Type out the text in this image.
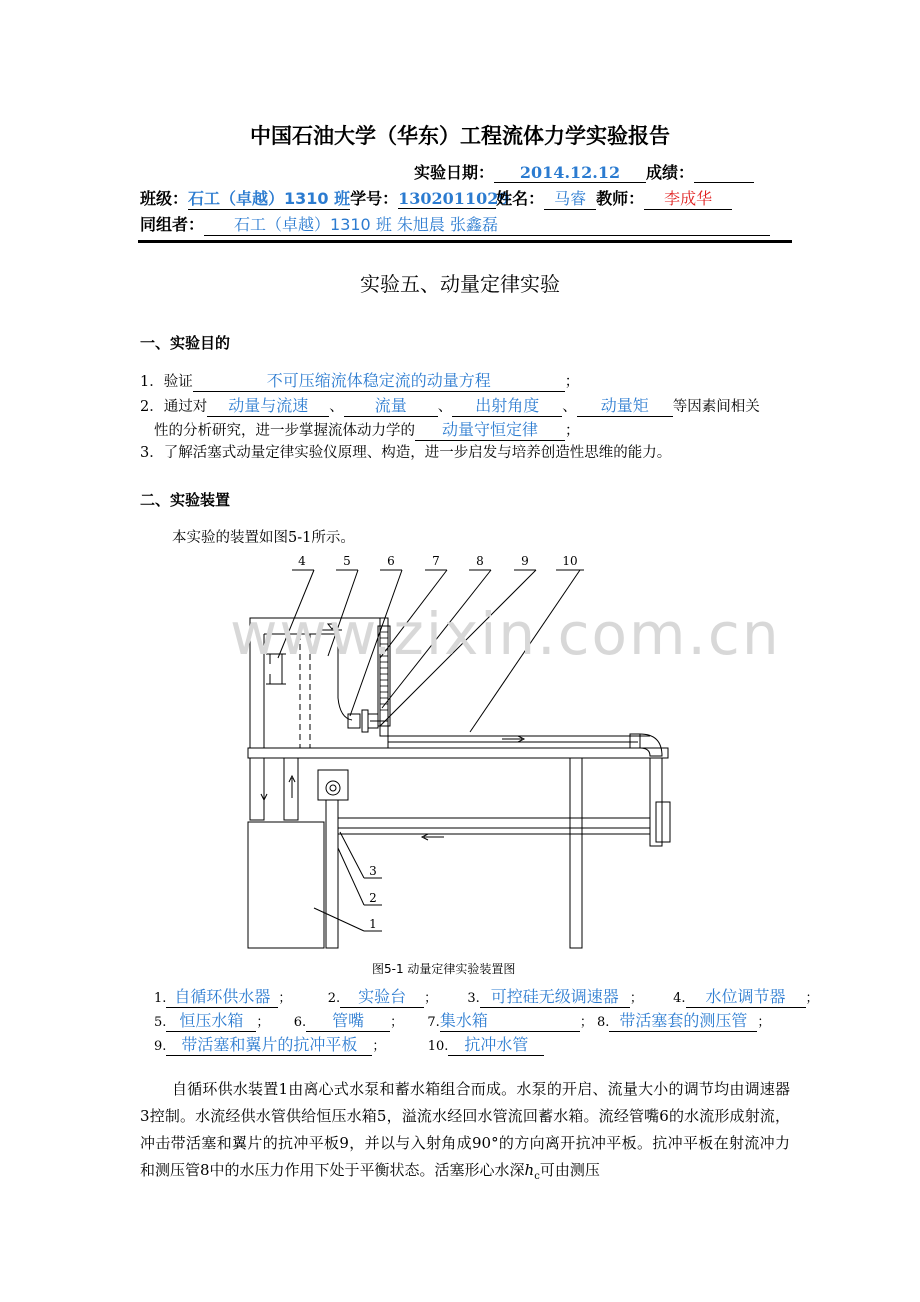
中国石油大学（华东）工程流体力学实验报告
实验日期： 2014.12.12 成绩：
班级：石工（卓越）1310 班学号：1302011029姓名： 马睿 教师： 李成华
同组者： 石工（卓越）1310 班 朱旭晨 张鑫磊
实验五、动量定律实验
一、实验目的
1．验证	不可压缩流体稳定流的动量方程	；
2．通过对 动量与流速 、 流量 、 出射角度 、 动量矩 等因素间相关
性的分析研究，进一步掌握流体动力学的 动量守恒定律 ；
3．了解活塞式动量定律实验仪原理、构造，进一步启发与培养创造性思维的能力。
二、实验装置
本实验的装置如图5-1所示。
4	5	6	7	8	9	10
1
2
3
www.zixin.com.cn
图5-1 动量定律实验装置图
1. 自循环供水器 ；	2. 实验台 ； 3. 可控硅无级调速器 ； 4. 水位调节器 ；
5. 恒压水箱 ； 6. 管嘴 ； 7.集水箱	； 8. 带活塞套的测压管 ；
9. 带活塞和翼片的抗冲平板 ；	10. 抗冲水管
自循环供水装置1由离心式水泵和蓄水箱组合而成。水泵的开启、流量大小的调节均由调速器3控制。水流经供水管供给恒压水箱5，溢流水经回水管流回蓄水箱。流经管嘴6的水流形成射流，冲击带活塞和翼片的抗冲平板9，并以与入射角成90°的方向离开抗冲平板。抗冲平板在射流冲力和测压管8中的水压力作用下处于平衡状态。活塞形心水深$h_c$可由测压
